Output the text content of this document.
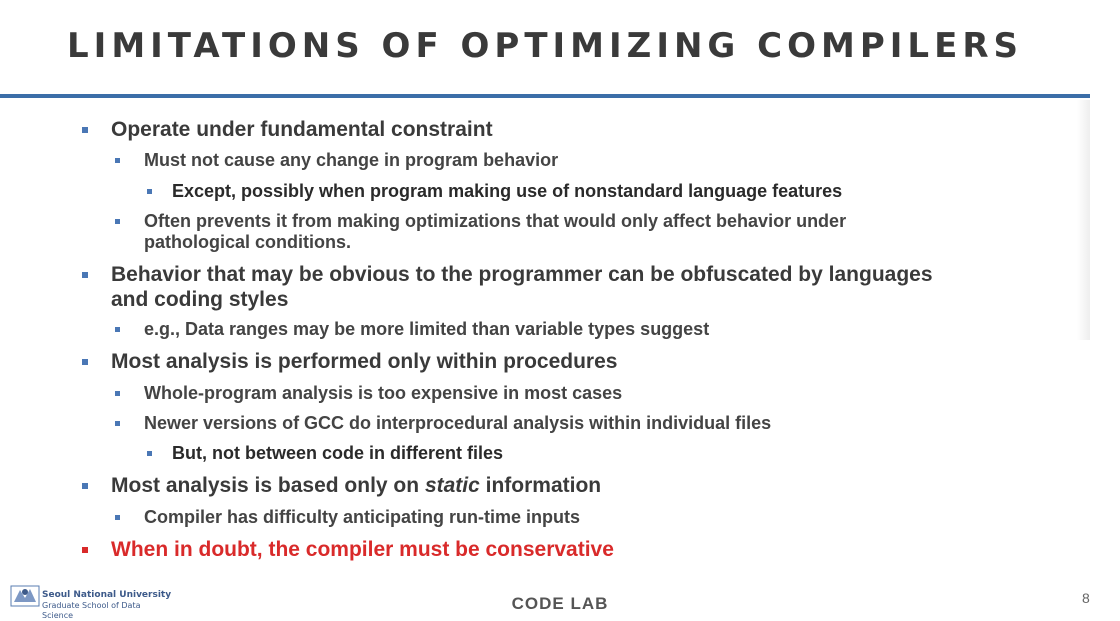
LIMITATIONS OF OPTIMIZING COMPILERS
Operate under fundamental constraint
Must not cause any change in program behavior
Except, possibly when program making use of nonstandard language features
Often prevents it from making optimizations that would only affect behavior under
pathological conditions.
Behavior that may be obvious to the programmer can be obfuscated by languages
and coding styles
e.g., Data ranges may be more limited than variable types suggest
Most analysis is performed only within procedures
Whole-program analysis is too expensive in most cases
Newer versions of GCC do interprocedural analysis within individual files
But, not between code in different files
Most analysis is based only on static information
Compiler has difficulty anticipating run-time inputs
When in doubt, the compiler must be conservative
Seoul National University
Graduate School of Data Science
CODE LAB	8
